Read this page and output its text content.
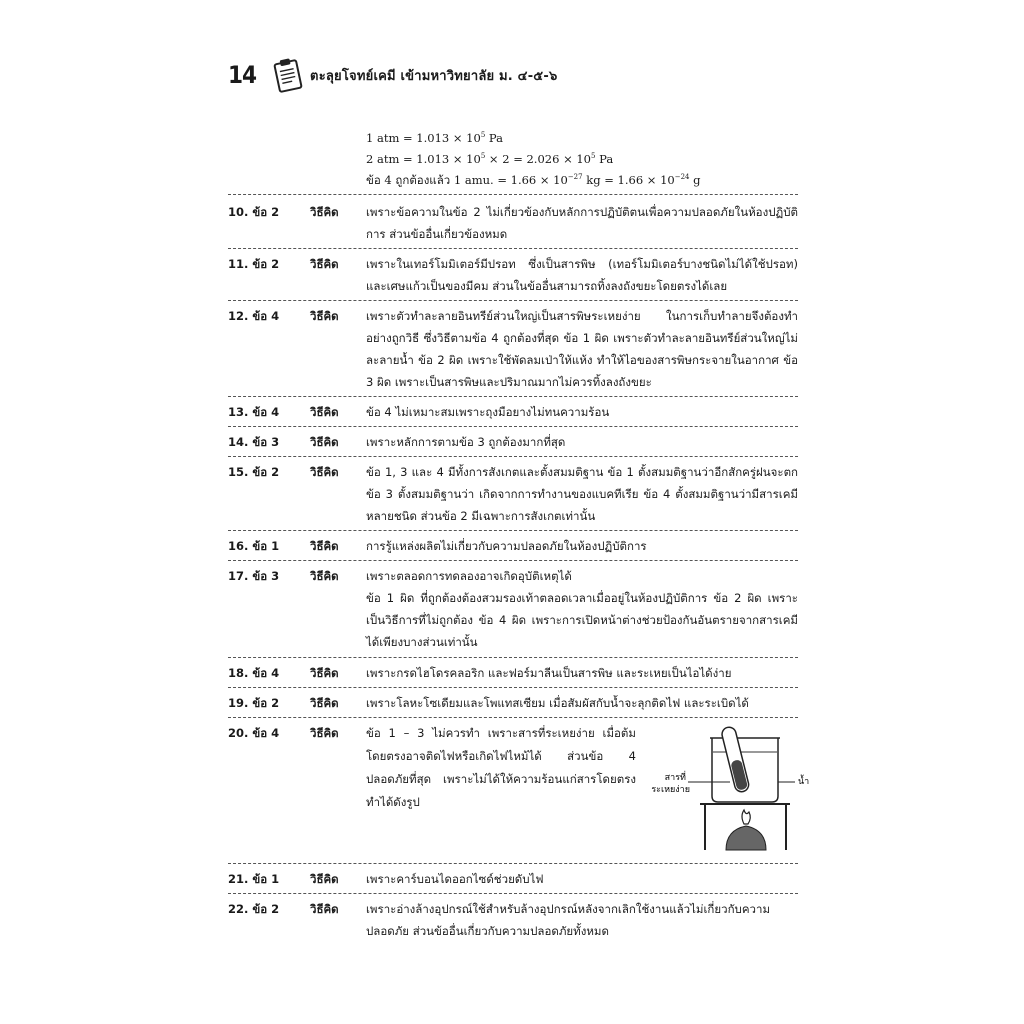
14	ตะลุยโจทย์เคมี เข้ามหาวิทยาลัย ม. ๔-๕-๖
1 atm = $1.013 \times 10^5$ Pa
2 atm = $1.013 \times 10^5 \times 2 = 2.026 \times 10^5$ Pa
ข้อ 4 ถูกต้องแล้ว 1 amu. = $1.66 \times 10^{-27}$ kg = $1.66 \times 10^{-24}$ g
10. ข้อ 2	วิธีคิด	เพราะข้อความในข้อ 2 ไม่เกี่ยวข้องกับหลักการปฏิบัติตนเพื่อความปลอดภัยในห้องปฏิบัติการ ส่วนข้ออื่นเกี่ยวข้องหมด
11. ข้อ 2	วิธีคิด	เพราะในเทอร์โมมิเตอร์มีปรอท ซึ่งเป็นสารพิษ (เทอร์โมมิเตอร์บางชนิดไม่ได้ใช้ปรอท) และเศษแก้วเป็นของมีคม ส่วนในข้ออื่นสามารถทิ้งลงถังขยะโดยตรงได้เลย
12. ข้อ 4	วิธีคิด	เพราะตัวทำละลายอินทรีย์ส่วนใหญ่เป็นสารพิษระเหยง่าย ในการเก็บทำลายจึงต้องทำอย่างถูกวิธี ซึ่งวิธีตามข้อ 4 ถูกต้องที่สุด ข้อ 1 ผิด เพราะตัวทำละลายอินทรีย์ส่วนใหญ่ไม่ละลายน้ำ ข้อ 2 ผิด เพราะใช้พัดลมเป่าให้แห้ง ทำให้ไอของสารพิษกระจายในอากาศ ข้อ 3 ผิด เพราะเป็นสารพิษและปริมาณมากไม่ควรทิ้งลงถังขยะ
13. ข้อ 4	วิธีคิด	ข้อ 4 ไม่เหมาะสมเพราะถุงมือยางไม่ทนความร้อน
14. ข้อ 3	วิธีคิด	เพราะหลักการตามข้อ 3 ถูกต้องมากที่สุด
15. ข้อ 2	วิธีคิด	ข้อ 1, 3 และ 4 มีทั้งการสังเกตและตั้งสมมติฐาน ข้อ 1 ตั้งสมมติฐานว่าอีกสักครู่ฝนจะตก ข้อ 3 ตั้งสมมติฐานว่า เกิดจากการทำงานของแบคทีเรีย ข้อ 4 ตั้งสมมติฐานว่ามีสารเคมีหลายชนิด ส่วนข้อ 2 มีเฉพาะการสังเกตเท่านั้น
16. ข้อ 1	วิธีคิด	การรู้แหล่งผลิตไม่เกี่ยวกับความปลอดภัยในห้องปฏิบัติการ
17. ข้อ 3	วิธีคิด	เพราะตลอดการทดลองอาจเกิดอุบัติเหตุได้
ข้อ 1 ผิด ที่ถูกต้องต้องสวมรองเท้าตลอดเวลาเมื่ออยู่ในห้องปฏิบัติการ ข้อ 2 ผิด เพราะเป็นวิธีการที่ไม่ถูกต้อง ข้อ 4 ผิด เพราะการเปิดหน้าต่างช่วยป้องกันอันตรายจากสารเคมีได้เพียงบางส่วนเท่านั้น
18. ข้อ 4	วิธีคิด	เพราะกรดไฮโดรคลอริก และฟอร์มาลีนเป็นสารพิษ และระเหยเป็นไอได้ง่าย
19. ข้อ 2	วิธีคิด	เพราะโลหะโซเดียมและโพแทสเซียม เมื่อสัมผัสกับน้ำจะลุกติดไฟ และระเบิดได้
20. ข้อ 4	วิธีคิด	ข้อ 1 – 3 ไม่ควรทำ เพราะสารที่ระเหยง่าย เมื่อต้มโดยตรงอาจติดไฟหรือเกิดไฟไหม้ได้ ส่วนข้อ 4 ปลอดภัยที่สุด เพราะไม่ได้ให้ความร้อนแก่สารโดยตรง ทำได้ดังรูป
สารที่
ระเหยง่าย
น้ำ
21. ข้อ 1	วิธีคิด	เพราะคาร์บอนไดออกไซด์ช่วยดับไฟ
22. ข้อ 2	วิธีคิด	เพราะอ่างล้างอุปกรณ์ใช้สำหรับล้างอุปกรณ์หลังจากเลิกใช้งานแล้วไม่เกี่ยวกับความปลอดภัย ส่วนข้ออื่นเกี่ยวกับความปลอดภัยทั้งหมด
